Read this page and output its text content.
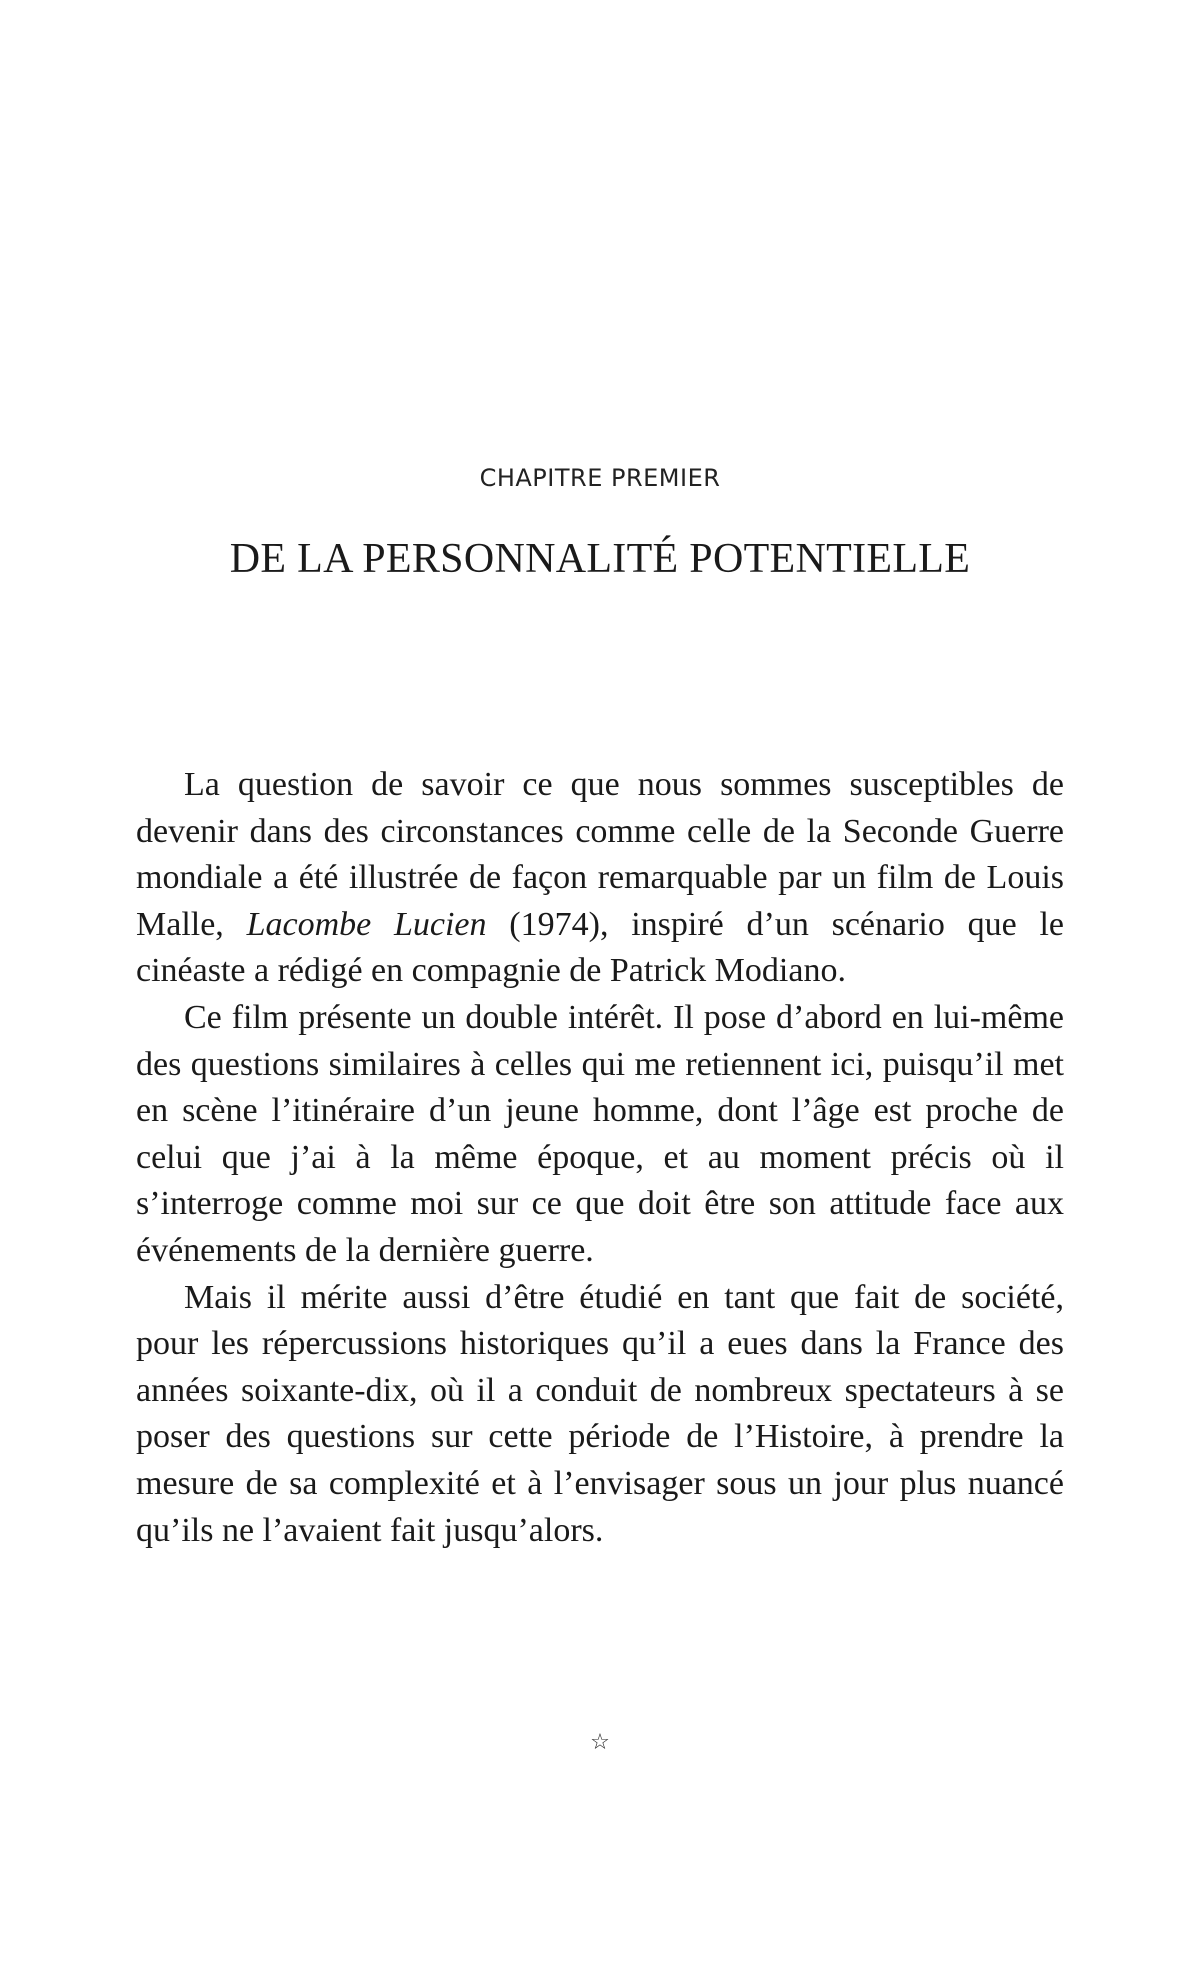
CHAPITRE PREMIER
DE LA PERSONNALITÉ POTENTIELLE

La question de savoir ce que nous sommes susceptibles de devenir dans des circonstances comme celle de la Seconde Guerre mondiale a été illustrée de façon remarquable par un film de Louis Malle, Lacombe Lucien (1974), inspiré d’un scénario que le cinéaste a rédigé en compagnie de Patrick Modiano.

Ce film présente un double intérêt. Il pose d’abord en lui-même des questions similaires à celles qui me retiennent ici, puisqu’il met en scène l’itinéraire d’un jeune homme, dont l’âge est proche de celui que j’ai à la même époque, et au moment précis où il s’interroge comme moi sur ce que doit être son attitude face aux événements de la dernière guerre.

Mais il mérite aussi d’être étudié en tant que fait de société, pour les répercussions historiques qu’il a eues dans la France des années soixante-dix, où il a conduit de nombreux spectateurs à se poser des questions sur cette période de l’Histoire, à prendre la mesure de sa complexité et à l’envisager sous un jour plus nuancé qu’ils ne l’avaient fait jusqu’alors.

☆
